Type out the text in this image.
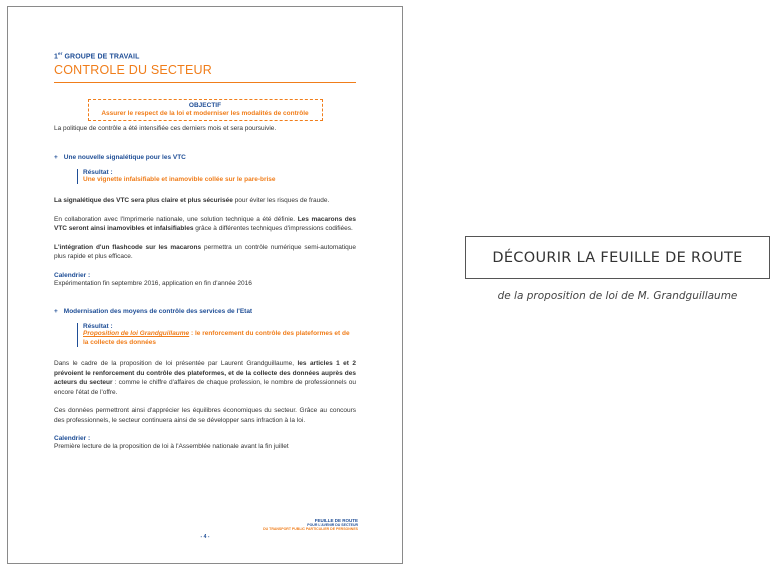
1er GROUPE DE TRAVAIL
CONTROLE DU SECTEUR
OBJECTIF
Assurer le respect de la loi et moderniser les modalités de contrôle

La politique de contrôle a été intensifiée ces derniers mois et sera poursuivie.

+ Une nouvelle signalétique pour les VTC
Résultat :
Une vignette infalsifiable et inamovible collée sur le pare-brise

La signalétique des VTC sera plus claire et plus sécurisée pour éviter les risques de fraude.

En collaboration avec l'Imprimerie nationale, une solution technique a été définie. Les macarons des VTC seront ainsi inamovibles et infalsifiables grâce à différentes techniques d'impressions codifiées.

L'intégration d'un flashcode sur les macarons permettra un contrôle numérique semi-automatique plus rapide et plus efficace.

Calendrier :

Expérimentation fin septembre 2016, application en fin d'année 2016

+ Modernisation des moyens de contrôle des services de l'Etat
Résultat :
Proposition de loi Grandguillaume : le renforcement du contrôle des plateformes et de la collecte des données

Dans le cadre de la proposition de loi présentée par Laurent Grandguillaume, les articles 1 et 2 prévoient le renforcement du contrôle des plateformes, et de la collecte des données auprès des acteurs du secteur : comme le chiffre d'affaires de chaque profession, le nombre de professionnels ou encore l'état de l'offre.

Ces données permettront ainsi d'apprécier les équilibres économiques du secteur. Grâce au concours des professionnels, le secteur continuera ainsi de se développer sans infraction à la loi.

Calendrier :

Première lecture de la proposition de loi à l'Assemblée nationale avant la fin juillet

FEUILLE DE ROUTE
POUR L'AVENIR DU SECTEUR
DU TRANSPORT PUBLIC PARTICULIER DE PERSONNES
- 4 -
DÉCOURIR LA FEUILLE DE ROUTE
de la proposition de loi de M. Grandguillaume
